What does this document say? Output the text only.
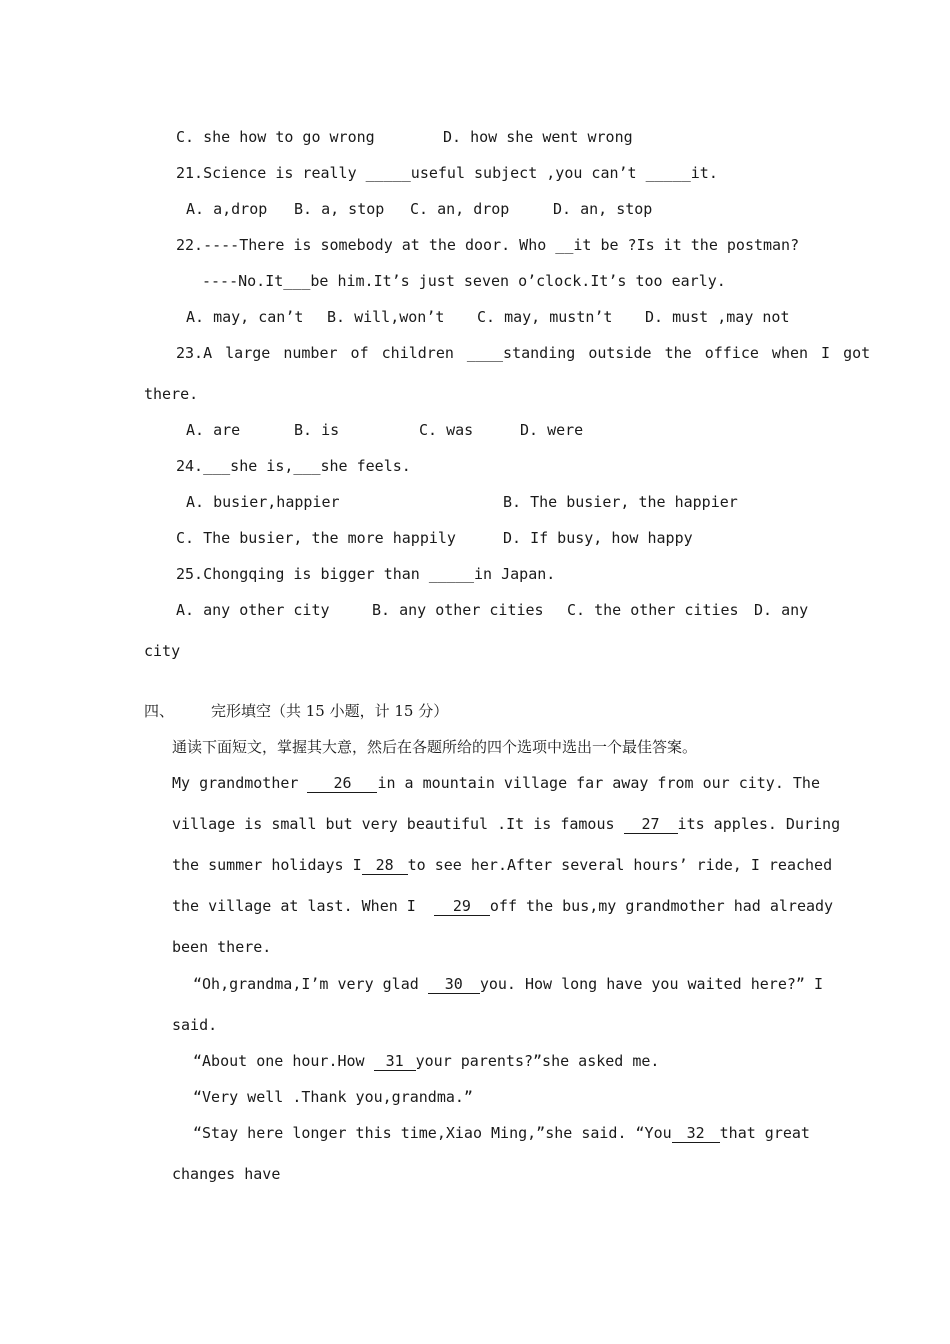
C. she how to go wrong

	D. how she went wrong

21.Science is really _____useful subject ,you can’t _____it.

A. a,drop

B. a, stop

C. an, drop

	D. an, stop

22.----There is somebody at the door. Who __it be ?Is it the postman?
----No.It___be him.It’s just seven o’clock.It’s too early.

A. may, can’t

B. will,won’t

C. may, mustn’t

D. must ,may not

23.A large number of children ____standing outside the office when I got
there.

A. are

	B. is

	C. was

	D. were

24.___she is,___she feels.

A. busier,happier

	B. The busier, the happier

C. The busier, the more happily

	D. If busy, how happy

25.Chongqing is bigger than _____in Japan.

A. any other city

	B. any other cities

C. the other cities

D. any

city
四、 完形填空（共 15 小题，计 15 分）
通读下面短文，掌握其大意，然后在各题所给的四个选项中选出一个最佳答案。
My grandmother 26 in a mountain village far away from our city. The
village is small but very beautiful .It is famous 27 its apples. During
the summer holidays I 28 to see her.After several hours’ ride, I reached
the village at last. When I  29 off the bus,my grandmother had already
been there.
“Oh,grandma,I’m very glad 30 you. How long have you waited here?” I
said.
“About one hour.How 31 your parents?”she asked me.
“Very well .Thank you,grandma.”
“Stay here longer this time,Xiao Ming,”she said. “You 32 that great
changes have
